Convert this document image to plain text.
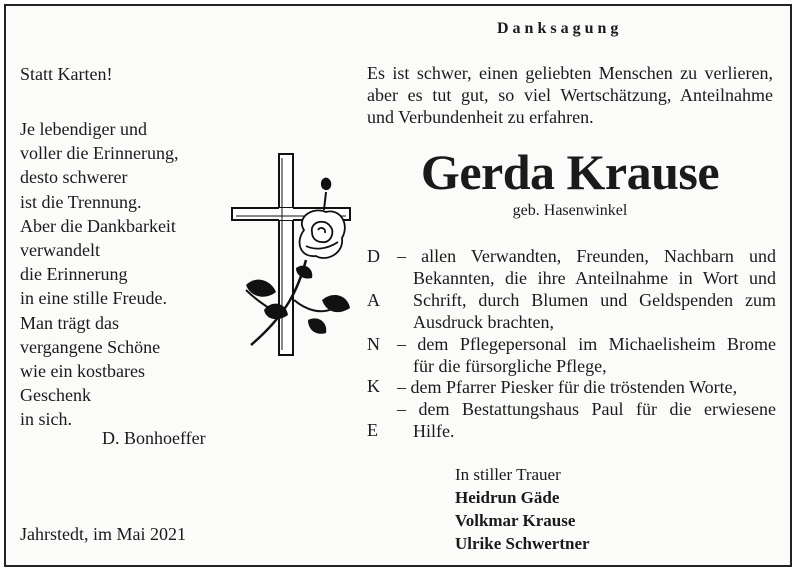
Statt Karten!
Je lebendiger und
voller die Erinnerung,
desto schwerer
ist die Trennung.
Aber die Dankbarkeit
verwandelt
die Erinnerung
in eine stille Freude.
Man trägt das
vergangene Schöne
wie ein kostbares
Geschenk
in sich.
D. Bonhoeffer
Jahrstedt, im Mai 2021
Danksagung
Es ist schwer, einen geliebten Menschen zu verlieren,
aber es tut gut, so viel Wertschätzung, Anteilnahme
und Verbundenheit zu erfahren.
Gerda Krause
geb. Hasenwinkel
D
A
N
K
E
– allen Verwandten, Freunden, Nachbarn und
Bekannten, die ihre Anteilnahme in Wort und
Schrift, durch Blumen und Geldspenden zum
Ausdruck brachten,
– dem Pflegepersonal im Michaelisheim Brome
für die fürsorgliche Pflege,
– dem Pfarrer Piesker für die tröstenden Worte,
– dem Bestattungshaus Paul für die erwiesene
Hilfe.
In stiller Trauer
Heidrun Gäde
Volkmar Krause
Ulrike Schwertner
